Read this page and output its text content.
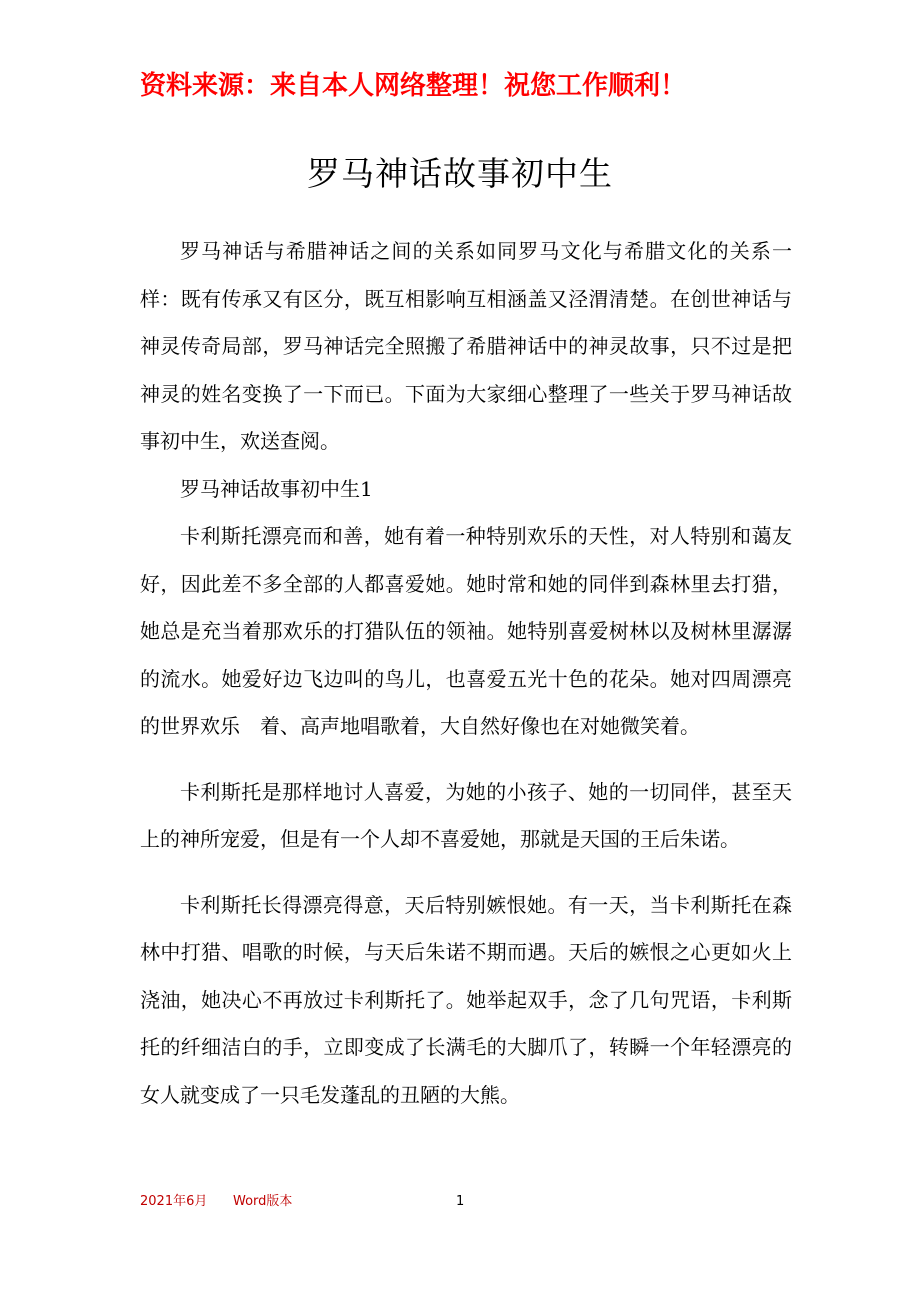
资料来源：来自本人网络整理！祝您工作顺利！
罗马神话故事初中生

罗马神话与希腊神话之间的关系如同罗马文化与希腊文化的关系一样：既有传承又有区分，既互相影响互相涵盖又泾渭清楚。在创世神话与神灵传奇局部，罗马神话完全照搬了希腊神话中的神灵故事，只不过是把神灵的姓名变换了一下而已。下面为大家细心整理了一些关于罗马神话故事初中生，欢送查阅。

罗马神话故事初中生1

卡利斯托漂亮而和善，她有着一种特别欢乐的天性，对人特别和蔼友好，因此差不多全部的人都喜爱她。她时常和她的同伴到森林里去打猎，她总是充当着那欢乐的打猎队伍的领袖。她特别喜爱树林以及树林里潺潺的流水。她爱好边飞边叫的鸟儿，也喜爱五光十色的花朵。她对四周漂亮的世界欢乐　着、高声地唱歌着，大自然好像也在对她微笑着。

卡利斯托是那样地讨人喜爱，为她的小孩子、她的一切同伴，甚至天上的神所宠爱，但是有一个人却不喜爱她，那就是天国的王后朱诺。

卡利斯托长得漂亮得意，天后特别嫉恨她。有一天，当卡利斯托在森林中打猎、唱歌的时候，与天后朱诺不期而遇。天后的嫉恨之心更如火上浇油，她决心不再放过卡利斯托了。她举起双手，念了几句咒语，卡利斯托的纤细洁白的手，立即变成了长满毛的大脚爪了，转瞬一个年轻漂亮的女人就变成了一只毛发蓬乱的丑陋的大熊。

2021年6月 Word版本	1
